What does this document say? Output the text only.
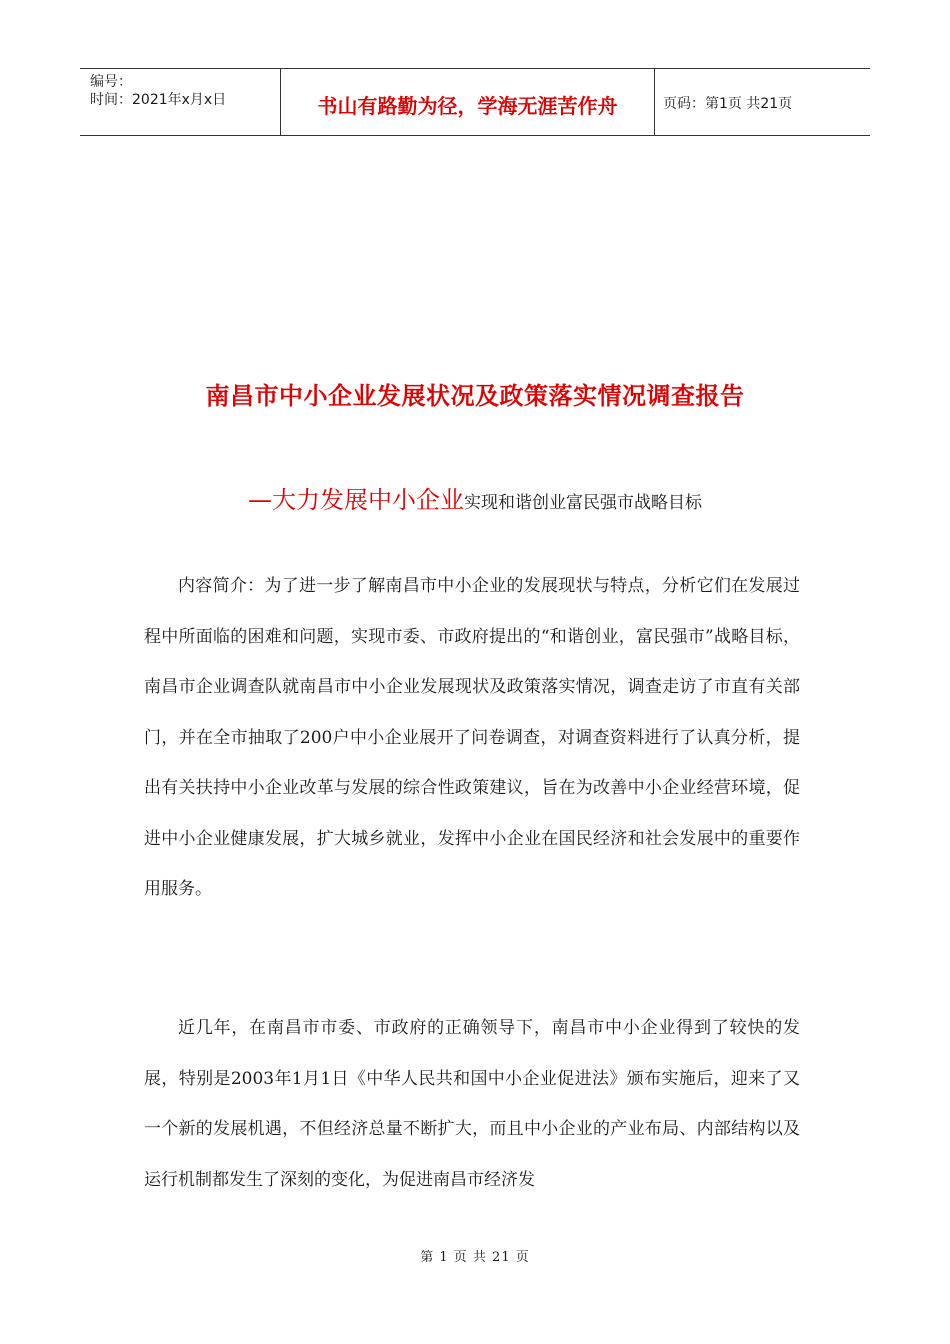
编号：
时间：2021年x月x日	书山有路勤为径，学海无涯苦作舟	页码：第1页 共21页
南昌市中小企业发展状况及政策落实情况调查报告
—大力发展中小企业实现和谐创业富民强市战略目标
内容简介：为了进一步了解南昌市中小企业的发展现状与特点，分析它们在发展过程中所面临的困难和问题，实现市委、市政府提出的“和谐创业，富民强市”战略目标，南昌市企业调查队就南昌市中小企业发展现状及政策落实情况，调查走访了市直有关部门，并在全市抽取了200户中小企业展开了问卷调查，对调查资料进行了认真分析，提出有关扶持中小企业改革与发展的综合性政策建议，旨在为改善中小企业经营环境，促进中小企业健康发展，扩大城乡就业，发挥中小企业在国民经济和社会发展中的重要作用服务。
近几年，在南昌市市委、市政府的正确领导下，南昌市中小企业得到了较快的发展，特别是2003年1月1日《中华人民共和国中小企业促进法》颁布实施后，迎来了又一个新的发展机遇，不但经济总量不断扩大，而且中小企业的产业布局、内部结构以及运行机制都发生了深刻的变化，为促进南昌市经济发
第 1 页 共 21 页
